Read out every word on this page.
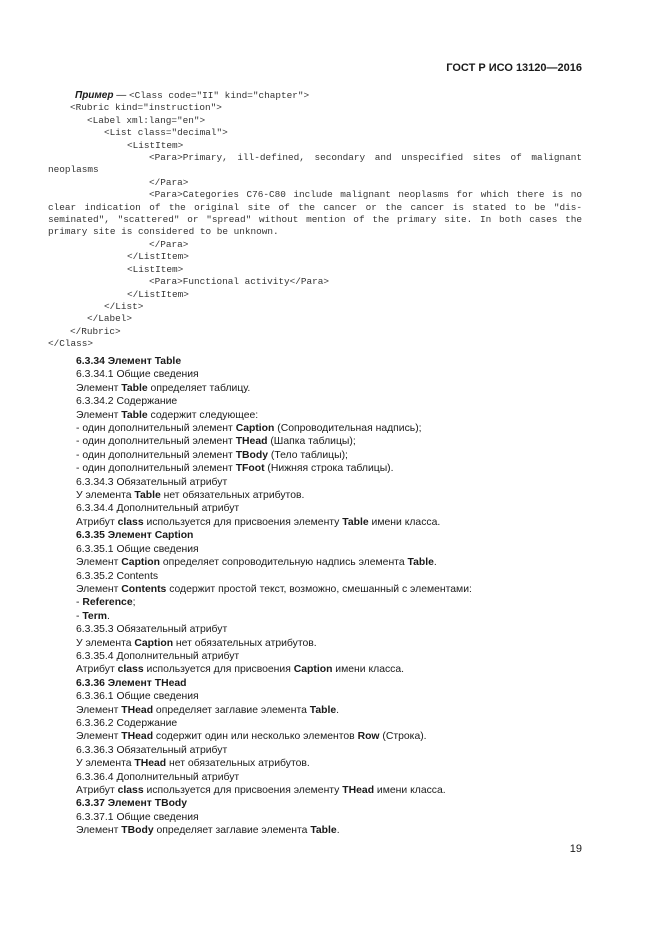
ГОСТ Р ИСО 13120—2016
Пример — <Class code="II" kind="chapter">
<Rubric kind="instruction">
<Label xml:lang="en">
<List class="decimal">
<ListItem>
<Para>Primary, ill-defined, secondary and unspecified sites of malignant neoplasms
</Para>
<Para>Categories C76-C80 include malignant neoplasms for which there is no clear indication of the original site of the cancer or the cancer is stated to be "dis-seminated", "scattered" or "spread" without mention of the primary site. In both cases the primary site is considered to be unknown.
</Para>
</ListItem>
<ListItem>
<Para>Functional activity</Para>
</ListItem>
</List>
</Label>
</Rubric>
</Class>
6.3.34 Элемент Table
6.3.34.1 Общие сведения
Элемент Table определяет таблицу.
6.3.34.2 Содержание
Элемент Table содержит следующее:
- один дополнительный элемент Caption (Сопроводительная надпись);
- один дополнительный элемент THead (Шапка таблицы);
- один дополнительный элемент TBody (Тело таблицы);
- один дополнительный элемент TFoot (Нижняя строка таблицы).
6.3.34.3 Обязательный атрибут
У элемента Table нет обязательных атрибутов.
6.3.34.4 Дополнительный атрибут
Атрибут class используется для присвоения элементу Table имени класса.
6.3.35 Элемент Caption
6.3.35.1 Общие сведения
Элемент Caption определяет сопроводительную надпись элемента Table.
6.3.35.2 Contents
Элемент Contents содержит простой текст, возможно, смешанный с элементами:
- Reference;
- Term.
6.3.35.3 Обязательный атрибут
У элемента Caption нет обязательных атрибутов.
6.3.35.4 Дополнительный атрибут
Атрибут class используется для присвоения Caption имени класса.
6.3.36 Элемент THead
6.3.36.1 Общие сведения
Элемент THead определяет заглавие элемента Table.
6.3.36.2 Содержание
Элемент THead содержит один или несколько элементов Row (Строка).
6.3.36.3 Обязательный атрибут
У элемента THead нет обязательных атрибутов.
6.3.36.4 Дополнительный атрибут
Атрибут class используется для присвоения элементу THead имени класса.
6.3.37 Элемент TBody
6.3.37.1 Общие сведения
Элемент TBody определяет заглавие элемента Table.
19
